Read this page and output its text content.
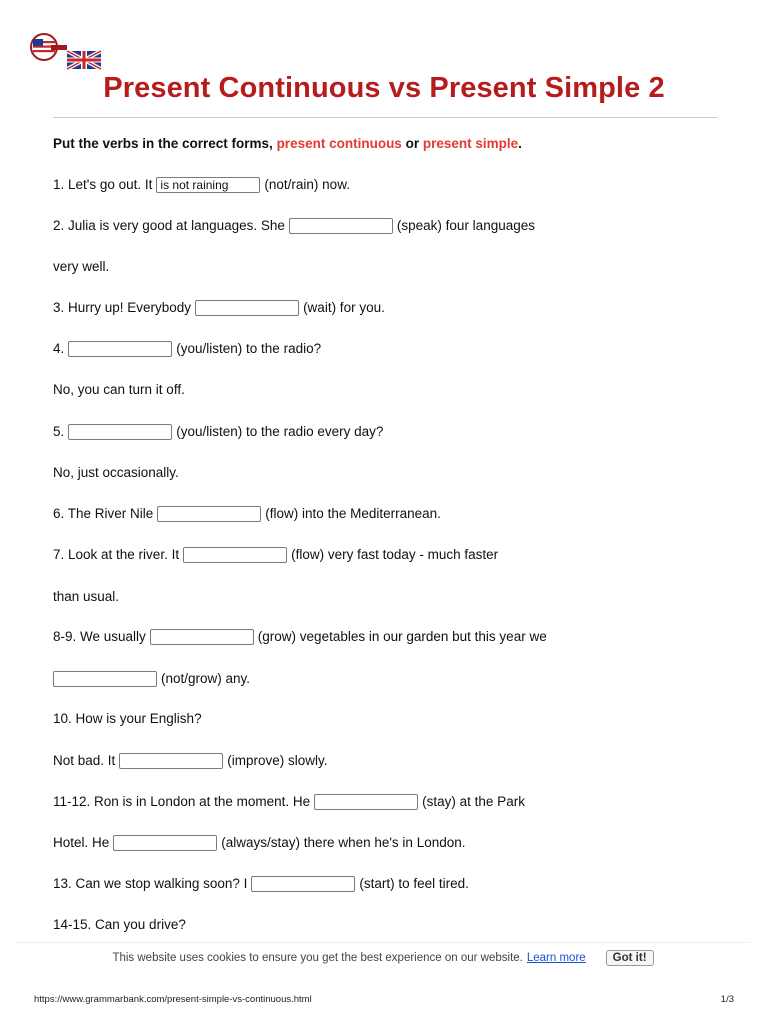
Present Continuous vs Present Simple 2
Put the verbs in the correct forms, present continuous or present simple.
1. Let's go out. It is not raining	(not/rain) now.
2. Julia is very good at languages. She	(speak) four languages
very well.
3. Hurry up! Everybody	(wait) for you.
4.	(you/listen) to the radio?
No, you can turn it off.
5.	(you/listen) to the radio every day?
No, just occasionally.
6. The River Nile	(flow) into the Mediterranean.
7. Look at the river. It	(flow) very fast today - much faster
than usual.
8-9. We usually	(grow) vegetables in our garden but this year we
(not/grow) any.
10. How is your English?
Not bad. It	(improve) slowly.
11-12. Ron is in London at the moment. He	(stay) at the Park
Hotel. He	(always/stay) there when he's in London.
13. Can we stop walking soon? I	(start) to feel tired.
14-15. Can you drive?
This website uses cookies to ensure you get the best experience on our website. Learn more	Got it!
https://www.grammarbank.com/present-simple-vs-continuous.html	1/3
